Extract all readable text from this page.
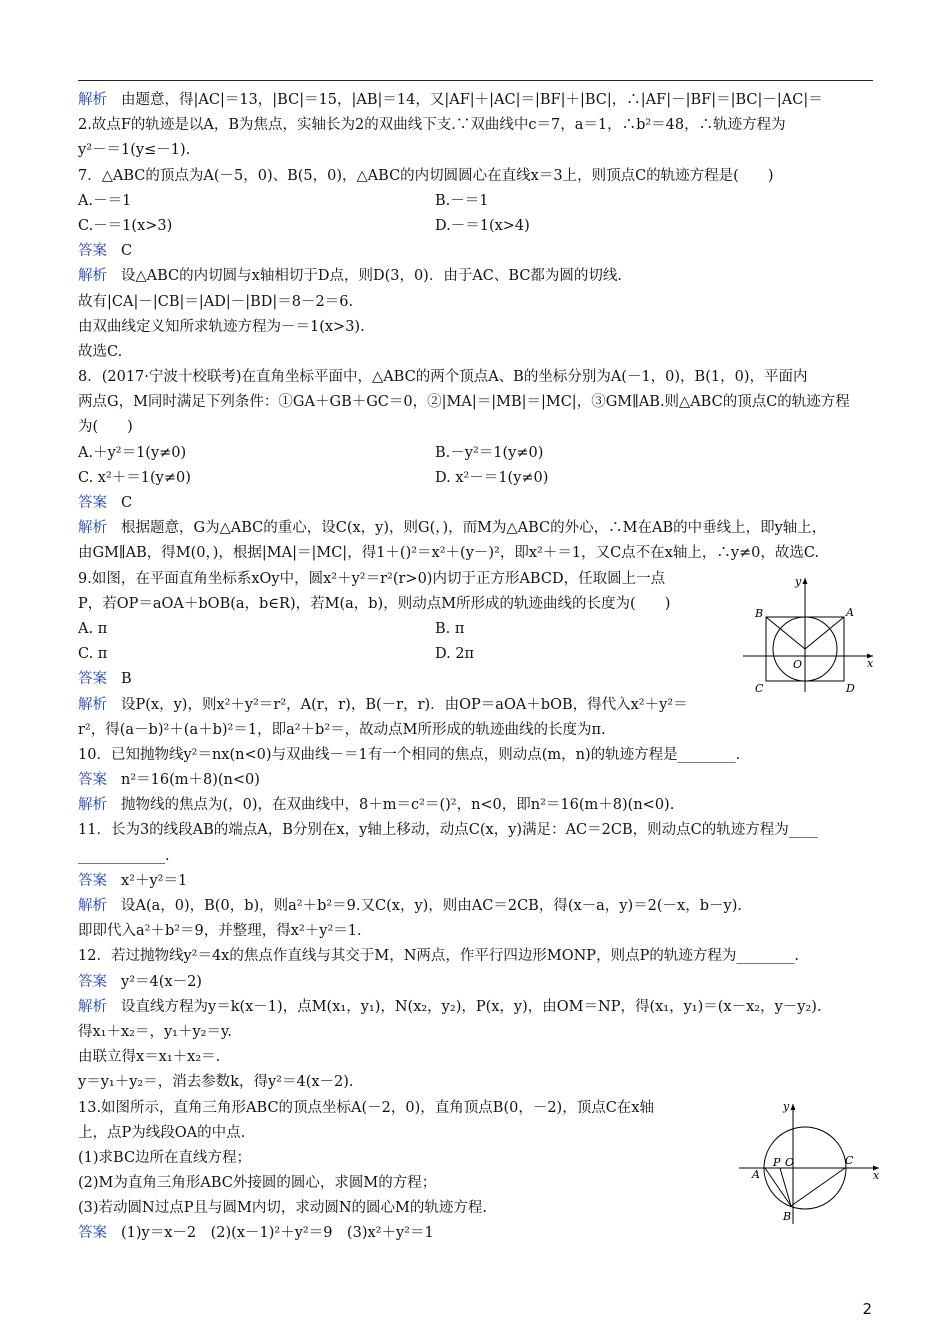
解析 由题意，得|AC|＝13，|BC|＝15，|AB|＝14，又|AF|＋|AC|＝|BF|＋|BC|，∴|AF|－|BF|＝|BC|－|AC|＝
2.故点F的轨迹是以A，B为焦点，实轴长为2的双曲线下支.∵双曲线中c＝7，a＝1，∴b²＝48，∴轨迹方程为
y²－＝1(y≤－1).
7．△ABC的顶点为A(－5，0)、B(5，0)，△ABC的内切圆圆心在直线x＝3上，则顶点C的轨迹方程是(　　)
A.－＝1	B.－＝1
C.－＝1(x>3)	D.－＝1(x>4)
答案 C
解析 设△ABC的内切圆与x轴相切于D点，则D(3，0)．由于AC、BC都为圆的切线.
故有|CA|－|CB|＝|AD|－|BD|＝8－2＝6.
由双曲线定义知所求轨迹方程为－＝1(x>3).
故选C.
8．(2017·宁波十校联考)在直角坐标平面中，△ABC的两个顶点A、B的坐标分别为A(－1，0)，B(1，0)，平面内
两点G，M同时满足下列条件：①GA＋GB＋GC＝0，②|MA|＝|MB|＝|MC|，③GM∥AB.则△ABC的顶点C的轨迹方程
为(　　)
A.＋y²＝1(y≠0)	B.－y²＝1(y≠0)
C. x²＋＝1(y≠0)	D. x²－＝1(y≠0)
答案 C
解析 根据题意，G为△ABC的重心，设C(x，y)，则G(，)，而M为△ABC的外心，∴M在AB的中垂线上，即y轴上，
由GM∥AB，得M(0，)，根据|MA|＝|MC|，得1＋()²＝x²＋(y－)²，即x²＋＝1，又C点不在x轴上，∴y≠0，故选C.
9.如图，在平面直角坐标系xOy中，圆x²＋y²＝r²(r>0)内切于正方形ABCD，任取圆上一点
P，若OP＝aOA＋bOB(a，b∈R)，若M(a，b)，则动点M所形成的轨迹曲线的长度为(　　)
A. π	B. π
C. π	D. 2π
答案 B
解析 设P(x，y)，则x²＋y²＝r²，A(r，r)，B(－r，r)．由OP＝aOA＋bOB，得代入x²＋y²＝
r²，得(a－b)²＋(a＋b)²＝1，即a²＋b²＝，故动点M所形成的轨迹曲线的长度为π.
10．已知抛物线y²＝nx(n<0)与双曲线－＝1有一个相同的焦点，则动点(m，n)的轨迹方程是________.
答案 n²＝16(m＋8)(n<0)
解析 抛物线的焦点为(，0)，在双曲线中，8＋m＝c²＝()²，n<0，即n²＝16(m＋8)(n<0).
11．长为3的线段AB的端点A，B分别在x，y轴上移动，动点C(x，y)满足：AC＝2CB，则动点C的轨迹方程为____
____________.
答案 x²＋y²＝1
解析 设A(a，0)，B(0，b)，则a²＋b²＝9.又C(x，y)，则由AC＝2CB，得(x－a，y)＝2(－x，b－y).
即即代入a²＋b²＝9，并整理，得x²＋y²＝1.
12．若过抛物线y²＝4x的焦点作直线与其交于M，N两点，作平行四边形MONP，则点P的轨迹方程为________.
答案 y²＝4(x－2)
解析 设直线方程为y＝k(x－1)，点M(x₁，y₁)，N(x₂，y₂)，P(x，y)，由OM＝NP，得(x₁，y₁)＝(x－x₂，y－y₂).
得x₁＋x₂＝，y₁＋y₂＝y.
由联立得x＝x₁＋x₂＝.
y＝y₁＋y₂＝，消去参数k，得y²＝4(x－2).
13.如图所示，直角三角形ABC的顶点坐标A(－2，0)，直角顶点B(0，－2)，顶点C在x轴
上，点P为线段OA的中点.
(1)求BC边所在直线方程；
(2)M为直角三角形ABC外接圆的圆心，求圆M的方程；
(3)若动圆N过点P且与圆M内切，求动圆N的圆心M的轨迹方程.
答案 (1)y＝x－2　(2)(x－1)²＋y²＝9　(3)x²＋y²＝1
y
x
B	A
O
C	D
y
x
A
P O	C
B
2
